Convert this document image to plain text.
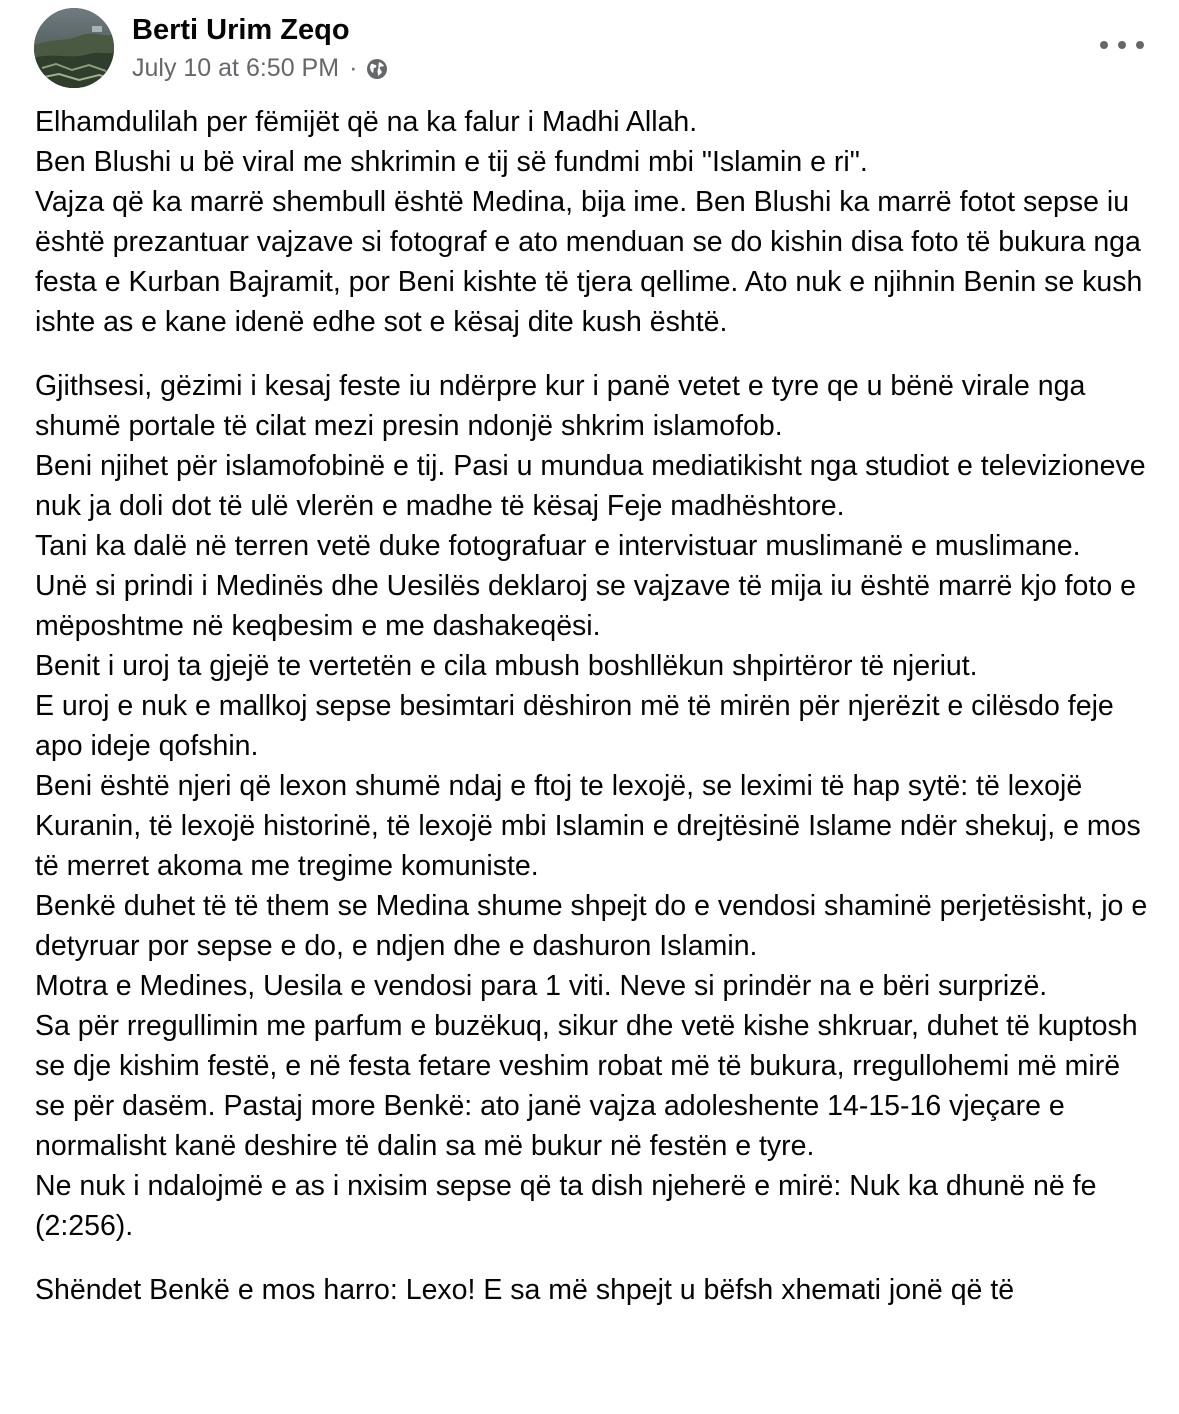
Berti Urim Zeqo
July 10 at 6:50 PM ·

Elhamdulilah per fëmijët që na ka falur i Madhi Allah.

Ben Blushi u bë viral me shkrimin e tij së fundmi mbi "Islamin e ri".

Vajza që ka marrë shembull është Medina, bija ime. Ben Blushi ka marrë fotot sepse iu është prezantuar vajzave si fotograf e ato menduan se do kishin disa foto të bukura nga festa e Kurban Bajramit, por Beni kishte të tjera qellime. Ato nuk e njihnin Benin se kush ishte as e kane idenë edhe sot e kësaj dite kush është.

Gjithsesi, gëzimi i kesaj feste iu ndërpre kur i panë vetet e tyre qe u bënë virale nga shumë portale të cilat mezi presin ndonjë shkrim islamofob.

Beni njihet për islamofobinë e tij. Pasi u mundua mediatikisht nga studiot e televizioneve nuk ja doli dot të ulë vlerën e madhe të kësaj Feje madhështore.

Tani ka dalë në terren vetë duke fotografuar e intervistuar muslimanë e muslimane.

Unë si prindi i Medinës dhe Uesilës deklaroj se vajzave të mija iu është marrë kjo foto e mëposhtme në keqbesim e me dashakeqësi.

Benit i uroj ta gjejë te vertetën e cila mbush boshllëkun shpirtëror të njeriut.

E uroj e nuk e mallkoj sepse besimtari dëshiron më të mirën për njerëzit e cilësdo feje apo ideje qofshin.

Beni është njeri që lexon shumë ndaj e ftoj te lexojë, se leximi të hap sytë: të lexojë Kuranin, të lexojë historinë, të lexojë mbi Islamin e drejtësinë Islame ndër shekuj, e mos të merret akoma me tregime komuniste.

Benkë duhet të të them se Medina shume shpejt do e vendosi shaminë perjetësisht, jo e detyruar por sepse e do, e ndjen dhe e dashuron Islamin.

Motra e Medines, Uesila e vendosi para 1 viti. Neve si prindër na e bëri surprizë.

Sa për rregullimin me parfum e buzëkuq, sikur dhe vetë kishe shkruar, duhet të kuptosh se dje kishim festë, e në festa fetare veshim robat më të bukura, rregullohemi më mirë se për dasëm. Pastaj more Benkë: ato janë vajza adoleshente 14-15-16 vjeçare e normalisht kanë deshire të dalin sa më bukur në festën e tyre.

Ne nuk i ndalojmë e as i nxisim sepse që ta dish njeherë e mirë: Nuk ka dhunë në fe (2:256).

Shëndet Benkë e mos harro: Lexo! E sa më shpejt u bëfsh xhemati jonë që të
